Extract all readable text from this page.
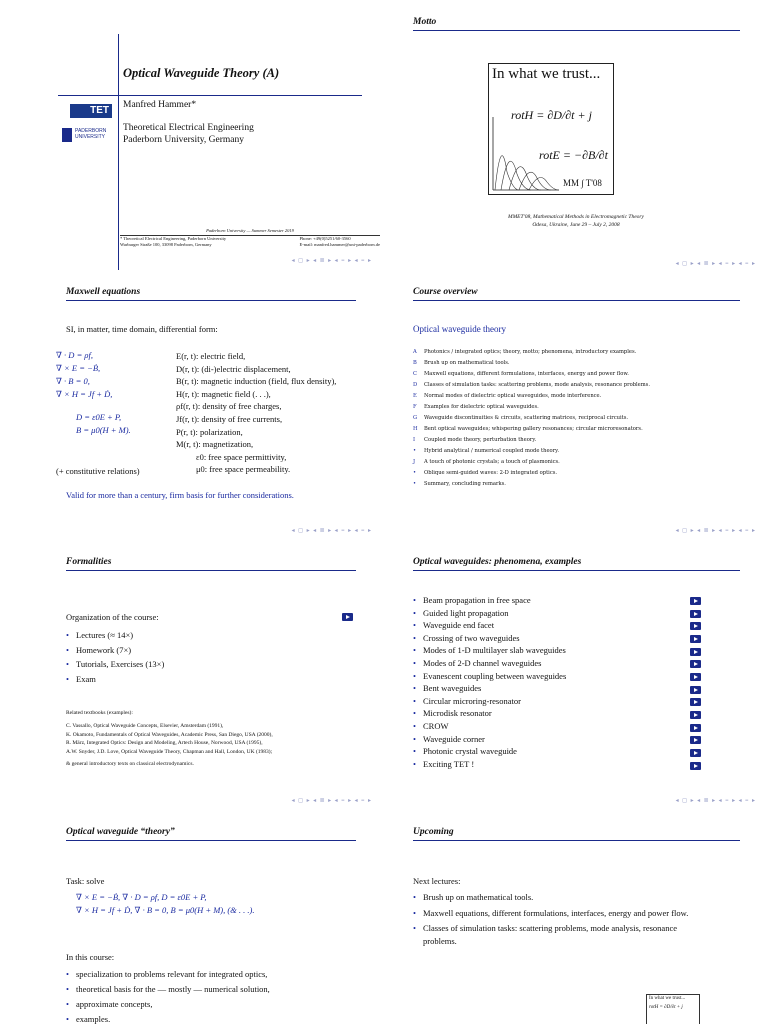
Optical Waveguide Theory (A)
TET
PADERBORN
UNIVERSITY
Manfred Hammer*
Theoretical Electrical Engineering
Paderborn University, Germany
Paderborn University — Summer Semester 2019
* Theoretical Electrical Engineering, Paderborn University
Warburger Straße 100, 33098 Paderborn, Germany
Phone: +49(0)5251/60-3560
E-mail: manfred.hammer@uni-paderborn.de
◂ ◻ ▸ ◂ ≣ ▸ ◂ ≡ ▸ ◂ ≡ ▸
Motto
In what we trust...
rotH = ∂D/∂t + j
rotE = −∂B/∂t
MM ∫ T'08
MMET'08, Mathematical Methods in Electromagnetic Theory
Odesa, Ukraine, June 29 – July 2, 2008
◂ ◻ ▸ ◂ ≣ ▸ ◂ ≡ ▸ ◂ ≡ ▸
Maxwell equations
SI, in matter, time domain, differential form:
∇ · D = ρf,
∇ × E = −Ḃ,
∇ · B = 0,
∇ × H = Jf + Ḋ,
D = ε0E + P,
B = μ0(H + M).
(+ constitutive relations)
E(r, t): electric field,
D(r, t): (di-)electric displacement,
B(r, t): magnetic induction (field, flux density),
H(r, t): magnetic field (. . .),
ρf(r, t): density of free charges,
Jf(r, t): density of free currents,
P(r, t): polarization,
M(r, t): magnetization,
ε0: free space permittivity,
μ0: free space permeability.
Valid for more than a century, firm basis for further considerations.
◂ ◻ ▸ ◂ ≣ ▸ ◂ ≡ ▸ ◂ ≡ ▸
Course overview
Optical waveguide theory
A Photonics / integrated optics; theory, motto; phenomena, introductory examples.
B Brush up on mathematical tools.
C Maxwell equations, different formulations, interfaces, energy and power flow.
D Classes of simulation tasks: scattering problems, mode analysis, resonance problems.
E Normal modes of dielectric optical waveguides, mode interference.
F Examples for dielectric optical waveguides.
G Waveguide discontinuities & circuits, scattering matrices, reciprocal circuits.
H Bent optical waveguides; whispering gallery resonances; circular microresonators.
I Coupled mode theory, perturbation theory.
• Hybrid analytical / numerical coupled mode theory.
J A touch of photonic crystals; a touch of plasmonics.
• Oblique semi-guided waves: 2-D integrated optics.
• Summary, concluding remarks.
◂ ◻ ▸ ◂ ≣ ▸ ◂ ≡ ▸ ◂ ≡ ▸
Formalities
Organization of the course:
• Lectures (≈ 14×)
• Homework (7×)
• Tutorials, Exercises (13×)
• Exam
Related textbooks (examples):
C. Vassallo, Optical Waveguide Concepts, Elsevier, Amsterdam (1991),
K. Okamoto, Fundamentals of Optical Waveguides, Academic Press, San Diego, USA (2000),
R. März, Integrated Optics: Design and Modeling, Artech House, Norwood, USA (1995),
A.W. Snyder, J.D. Love, Optical Waveguide Theory, Chapman and Hall, London, UK (1983);
& general introductory texts on classical electrodynamics.
◂ ◻ ▸ ◂ ≣ ▸ ◂ ≡ ▸ ◂ ≡ ▸
Optical waveguides: phenomena, examples
• Beam propagation in free space
• Guided light propagation
• Waveguide end facet
• Crossing of two waveguides
• Modes of 1-D multilayer slab waveguides
• Modes of 2-D channel waveguides
• Evanescent coupling between waveguides
• Bent waveguides
• Circular microring-resonator
• Microdisk resonator
• CROW
• Waveguide corner
• Photonic crystal waveguide
• Exciting TET !
◂ ◻ ▸ ◂ ≣ ▸ ◂ ≡ ▸ ◂ ≡ ▸
Optical waveguide “theory”
Task: solve
∇ × E = −Ḃ, ∇ · D = ρf, D = ε0E + P,
∇ × H = Jf + Ḋ, ∇ · B = 0, B = μ0(H + M), (& . . .).
In this course:
• specialization to problems relevant for integrated optics,
• theoretical basis for the — mostly — numerical solution,
• approximate concepts,
• examples.
Upcoming
Next lectures:
• Brush up on mathematical tools.
• Maxwell equations, different formulations, interfaces, energy and power flow.
• Classes of simulation tasks: scattering problems, mode analysis, resonance problems.
In what we trust...
rotH = ∂D/∂t + j
